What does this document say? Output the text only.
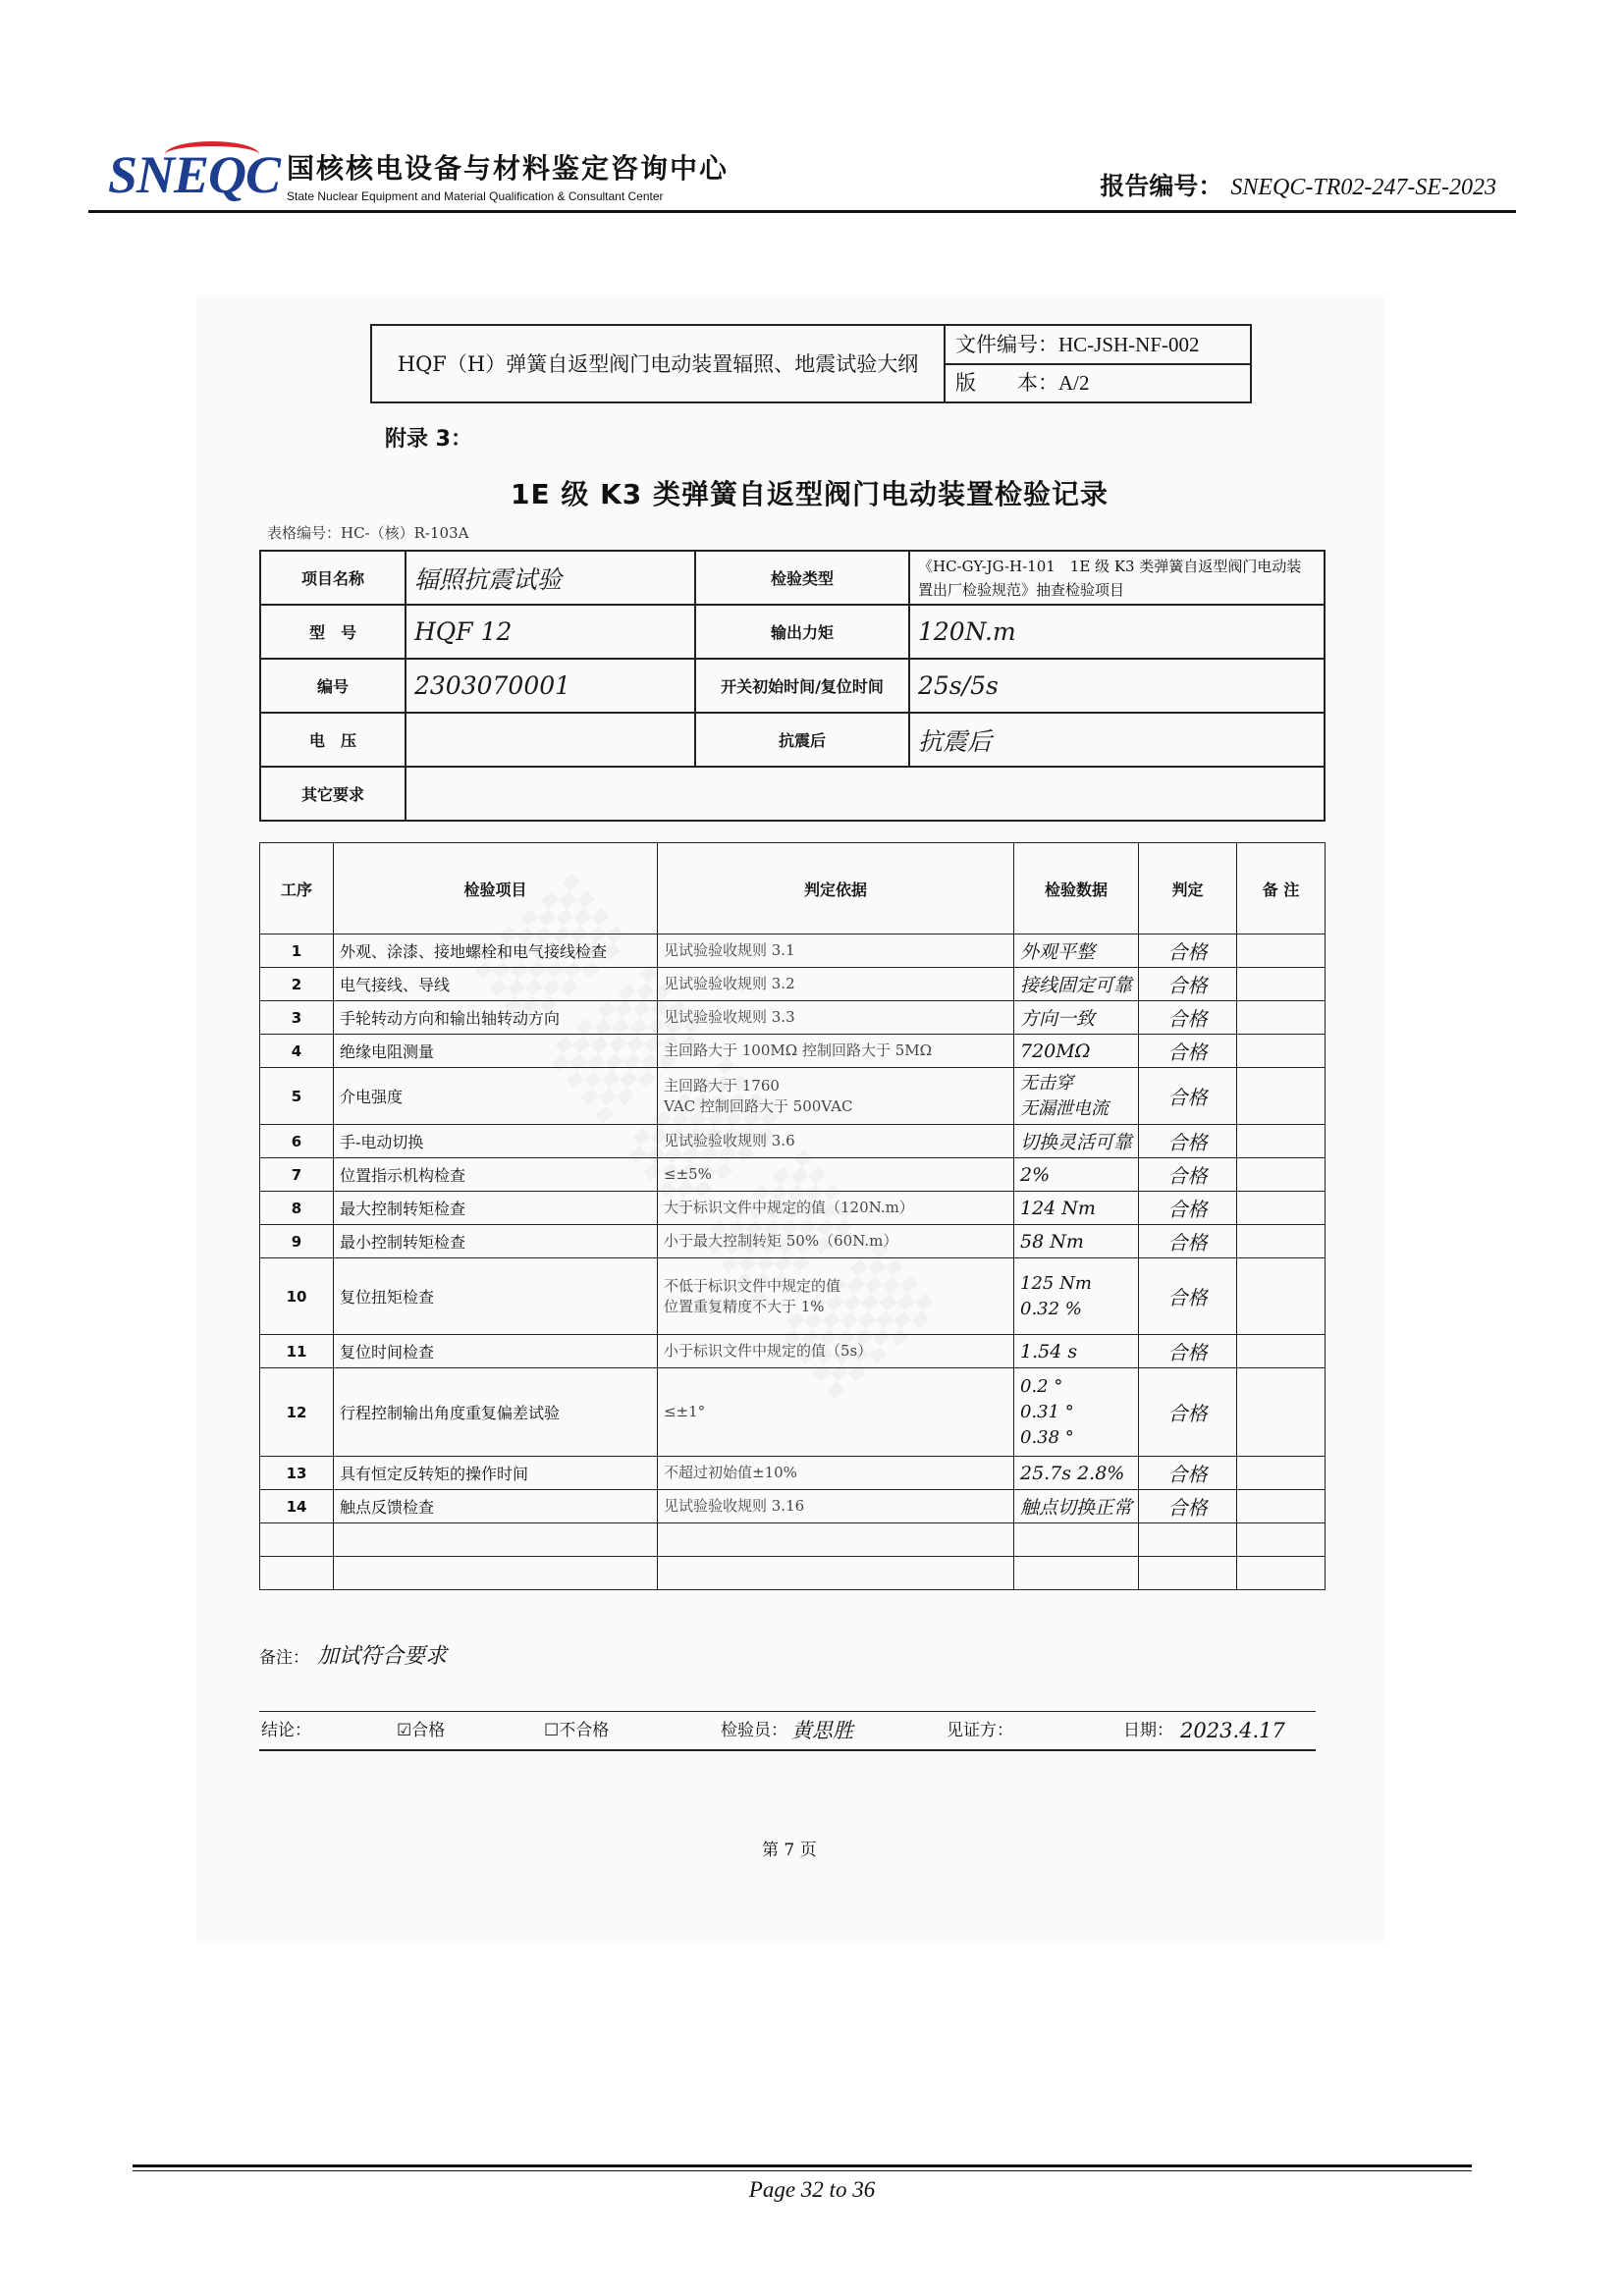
SNEQC 国核核电设备与材料鉴定咨询中心
State Nuclear Equipment and Material Qualification & Consultant Center	报告编号： SNEQC-TR02-247-SE-2023
HQF（H）弹簧自返型阀门电动装置辐照、地震试验大纲	文件编号：HC-JSH-NF-002
版　　本：A/2
附录 3：
1E 级 K3 类弹簧自返型阀门电动装置检验记录
表格编号：HC-（核）R-103A
项目名称	辐照抗震试验	检验类型	《HC-GY-JG-H-101　1E 级 K3 类弹簧自返型阀门电动装置出厂检验规范》抽查检验项目
型　号	HQF 12	输出力矩	120N.m
编号	2303070001	开关初始时间/复位时间	25s/5s
电　压		抗震后	抗震后
其它要求			
工序	检验项目	判定依据	检验数据	判定	备 注
1	外观、涂漆、接地螺栓和电气接线检查	见试验验收规则 3.1	外观平整	合格	
2	电气接线、导线	见试验验收规则 3.2	接线固定可靠	合格	
3	手轮转动方向和输出轴转动方向	见试验验收规则 3.3	方向一致	合格	
4	绝缘电阻测量	主回路大于 100MΩ 控制回路大于 5MΩ	720MΩ	合格	
5	介电强度	主回路大于 1760
VAC 控制回路大于 500VAC	无击穿
无漏泄电流	合格	
6	手-电动切换	见试验验收规则 3.6	切换灵活可靠	合格	
7	位置指示机构检查	≤±5%	2%	合格	
8	最大控制转矩检查	大于标识文件中规定的值（120N.m）	124 Nm	合格	
9	最小控制转矩检查	小于最大控制转矩 50%（60N.m）	58 Nm	合格	
10	复位扭矩检查	不低于标识文件中规定的值
位置重复精度不大于 1%	125 Nm
0.32 %	合格	
11	复位时间检查	小于标识文件中规定的值（5s）	1.54 s	合格	
12	行程控制输出角度重复偏差试验	≤±1°	0.2 °
0.31 °
0.38 °	合格	
13	具有恒定反转矩的操作时间	不超过初始值±10%	25.7s 2.8%	合格	
14	触点反馈检查	见试验验收规则 3.16	触点切换正常	合格	

备注： 加试符合要求
结论：	☑合格	☐不合格	检验员： 黄思胜	见证方：	日期： 2023.4.17
第 7 页
Page 32 to 36
